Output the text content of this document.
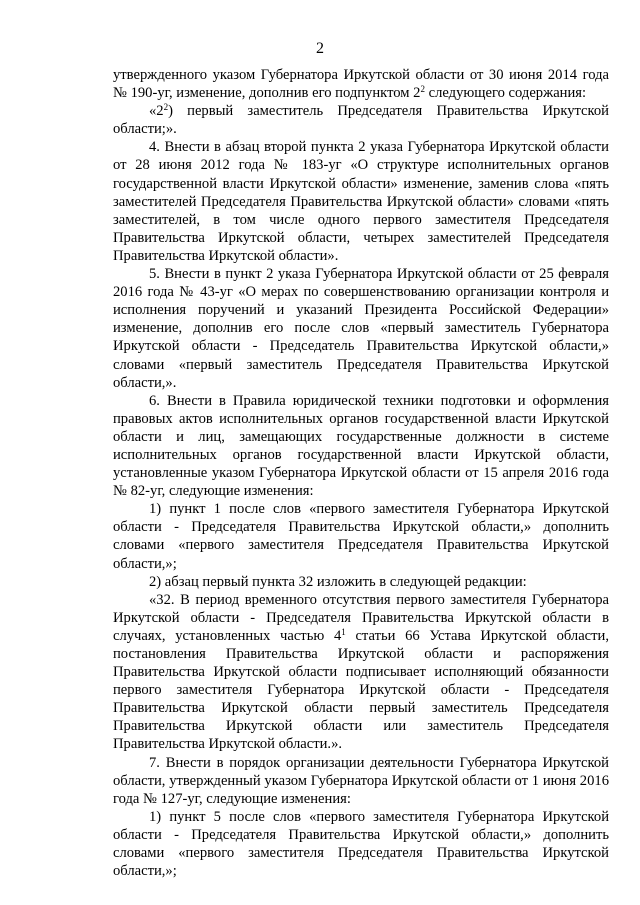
2

утвержденного указом Губернатора Иркутской области от 30 июня 2014 года № 190-уг, изменение, дополнив его подпунктом $2^2$ следующего содержания:

«$2^2$) первый заместитель Председателя Правительства Иркутской области;».

4. Внести в абзац второй пункта 2 указа Губернатора Иркутской области от 28 июня 2012 года № 183-уг «О структуре исполнительных органов государственной власти Иркутской области» изменение, заменив слова «пять заместителей Председателя Правительства Иркутской области» словами «пять заместителей, в том числе одного первого заместителя Председателя Правительства Иркутской области, четырех заместителей Председателя Правительства Иркутской области».

5. Внести в пункт 2 указа Губернатора Иркутской области от 25 февраля 2016 года № 43-уг «О мерах по совершенствованию организации контроля и исполнения поручений и указаний Президента Российской Федерации» изменение, дополнив его после слов «первый заместитель Губернатора Иркутской области - Председатель Правительства Иркутской области,» словами «первый заместитель Председателя Правительства Иркутской области,».

6. Внести в Правила юридической техники подготовки и оформления правовых актов исполнительных органов государственной власти Иркутской области и лиц, замещающих государственные должности в системе исполнительных органов государственной власти Иркутской области, установленные указом Губернатора Иркутской области от 15 апреля 2016 года № 82-уг, следующие изменения:

1) пункт 1 после слов «первого заместителя Губернатора Иркутской области - Председателя Правительства Иркутской области,» дополнить словами «первого заместителя Председателя Правительства Иркутской области,»;

2) абзац первый пункта 32 изложить в следующей редакции:

«32. В период временного отсутствия первого заместителя Губернатора Иркутской области - Председателя Правительства Иркутской области в случаях, установленных частью $4^1$ статьи 66 Устава Иркутской области, постановления Правительства Иркутской области и распоряжения Правительства Иркутской области подписывает исполняющий обязанности первого заместителя Губернатора Иркутской области - Председателя Правительства Иркутской области первый заместитель Председателя Правительства Иркутской области или заместитель Председателя Правительства Иркутской области.».

7. Внести в порядок организации деятельности Губернатора Иркутской области, утвержденный указом Губернатора Иркутской области от 1 июня 2016 года № 127-уг, следующие изменения:

1) пункт 5 после слов «первого заместителя Губернатора Иркутской области - Председателя Правительства Иркутской области,» дополнить словами «первого заместителя Председателя Правительства Иркутской области,»;
